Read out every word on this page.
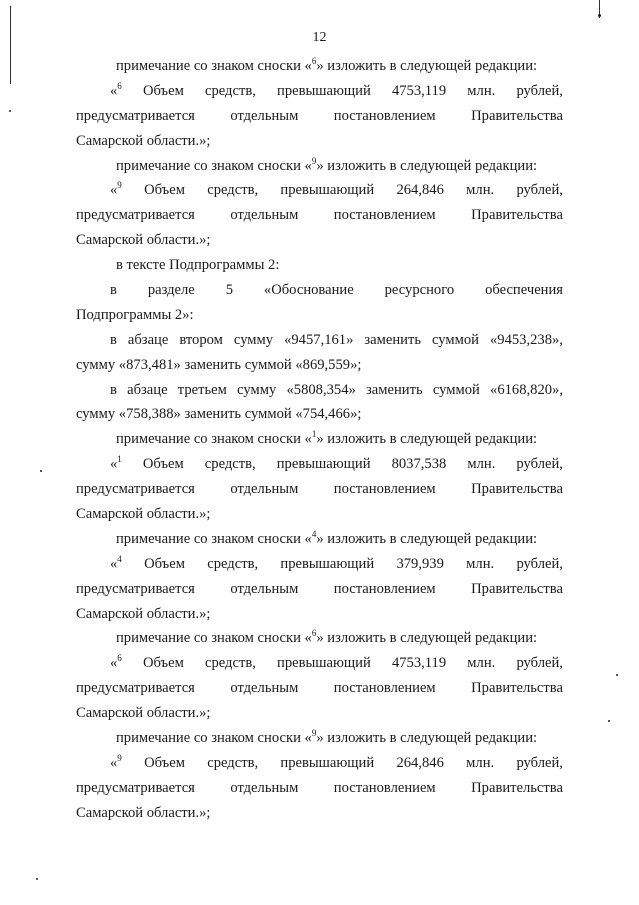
12
примечание со знаком сноски «$^6$» изложить в следующей редакции:
«$^6$ Объем средств, превышающий 4753,119 млн. рублей,
предусматривается отдельным постановлением Правительства
Самарской области.»;
примечание со знаком сноски «$^9$» изложить в следующей редакции:
«$^9$ Объем средств, превышающий 264,846 млн. рублей,
предусматривается отдельным постановлением Правительства
Самарской области.»;
в тексте Подпрограммы 2:
в разделе 5 «Обоснование ресурсного обеспечения
Подпрограммы 2»:
в абзаце втором сумму «9457,161» заменить суммой «9453,238»,
сумму «873,481» заменить суммой «869,559»;
в абзаце третьем сумму «5808,354» заменить суммой «6168,820»,
сумму «758,388» заменить суммой «754,466»;
примечание со знаком сноски «$^1$» изложить в следующей редакции:
«$^1$ Объем средств, превышающий 8037,538 млн. рублей,
предусматривается отдельным постановлением Правительства
Самарской области.»;
примечание со знаком сноски «$^4$» изложить в следующей редакции:
«$^4$ Объем средств, превышающий 379,939 млн. рублей,
предусматривается отдельным постановлением Правительства
Самарской области.»;
примечание со знаком сноски «$^6$» изложить в следующей редакции:
«$^6$ Объем средств, превышающий 4753,119 млн. рублей,
предусматривается отдельным постановлением Правительства
Самарской области.»;
примечание со знаком сноски «$^9$» изложить в следующей редакции:
«$^9$ Объем средств, превышающий 264,846 млн. рублей,
предусматривается отдельным постановлением Правительства
Самарской области.»;
